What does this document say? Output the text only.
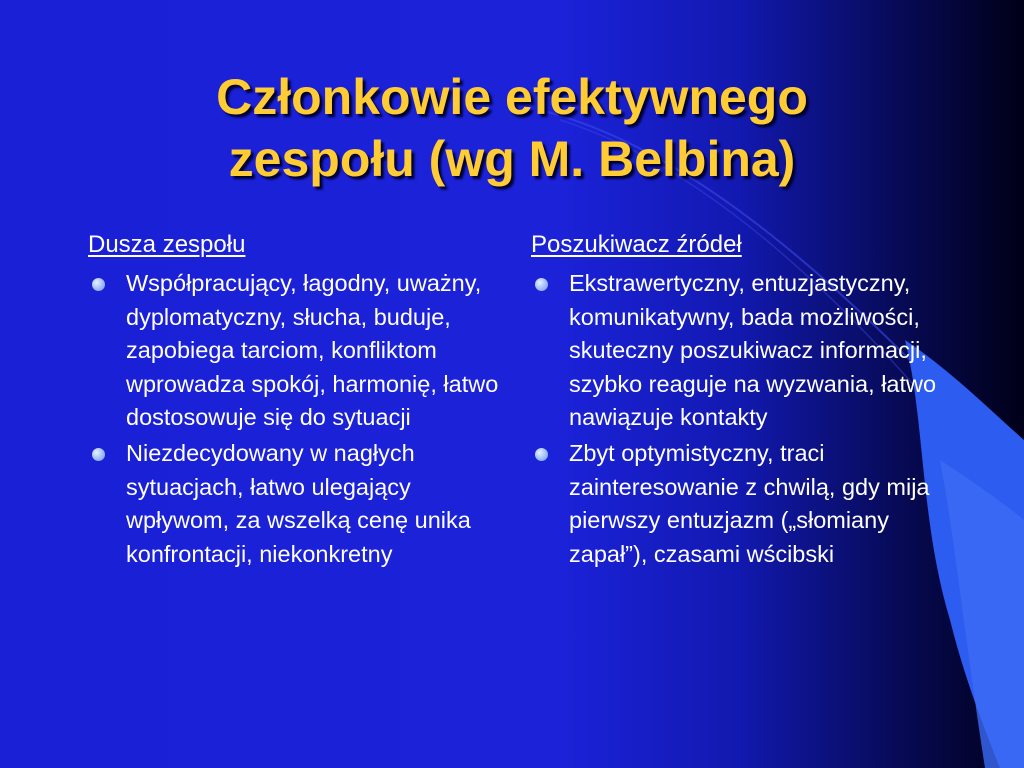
Członkowie efektywnego
zespołu (wg M. Belbina)
Dusza zespołu
Współpracujący, łagodny, uważny, dyplomatyczny, słucha, buduje, zapobiega tarciom, konfliktom wprowadza spokój, harmonię, łatwo dostosowuje się do sytuacji
Niezdecydowany w nagłych sytuacjach, łatwo ulegający wpływom, za wszelką cenę unika konfrontacji, niekonkretny
Poszukiwacz źródeł
Ekstrawertyczny, entuzjastyczny, komunikatywny, bada możliwości, skuteczny poszukiwacz informacji, szybko reaguje na wyzwania, łatwo nawiązuje kontakty
Zbyt optymistyczny, traci zainteresowanie z chwilą, gdy mija pierwszy entuzjazm („słomiany zapał”), czasami wścibski
